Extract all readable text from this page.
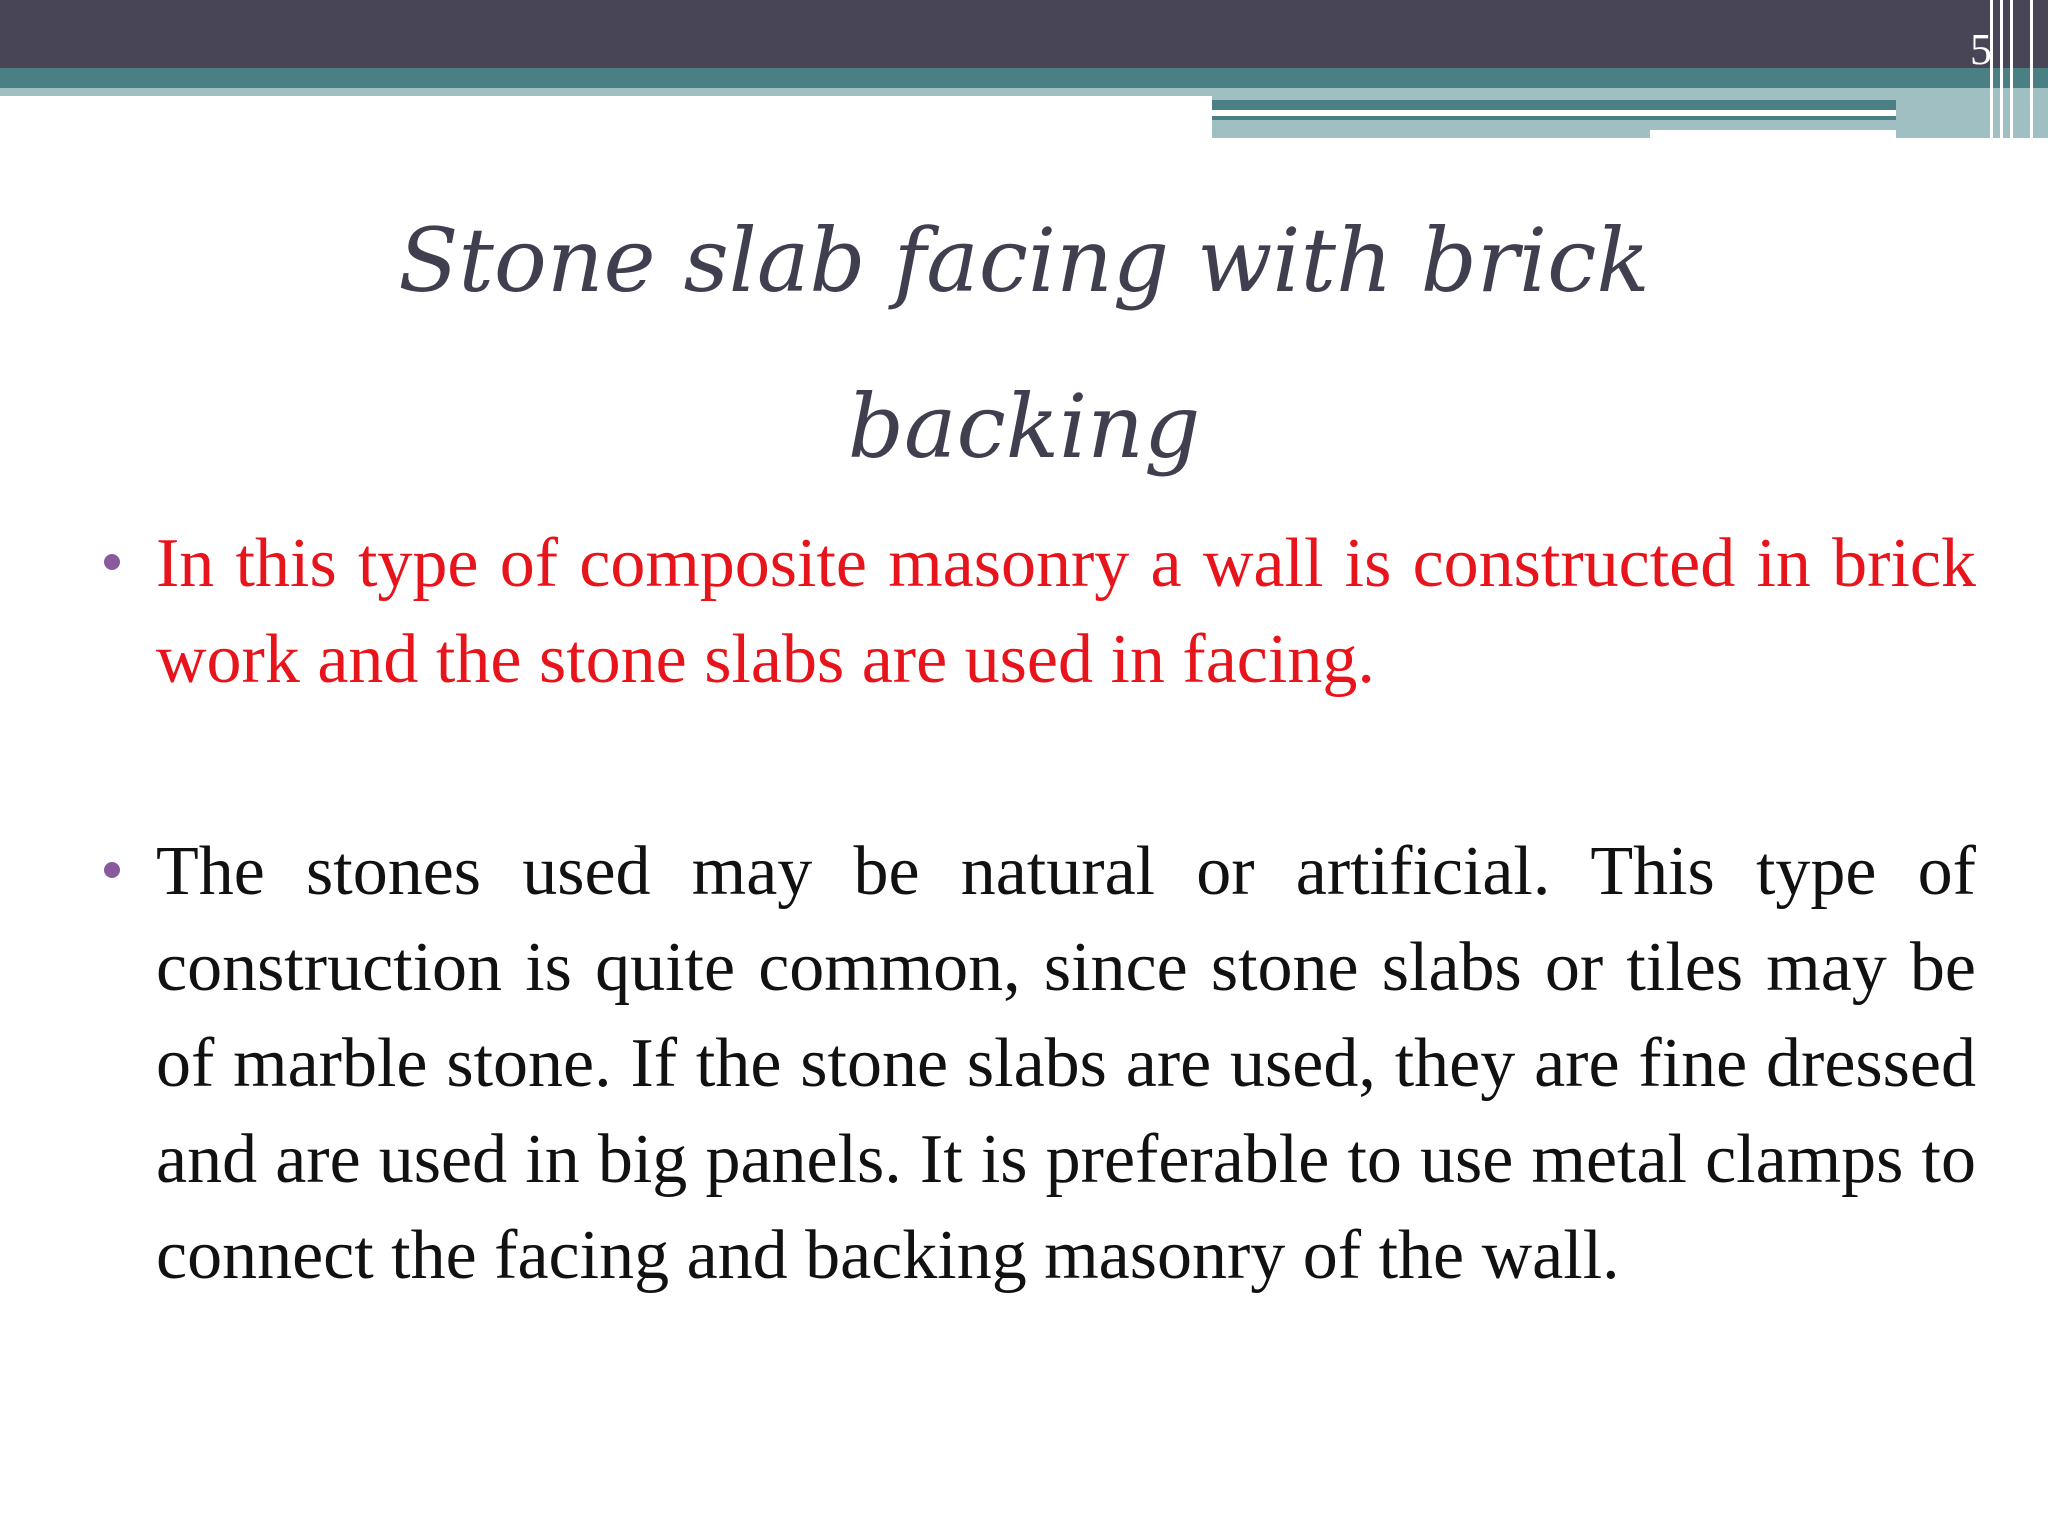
5
Stone slab facing with brick backing
In this type of composite masonry a wall is constructed in brick work and the stone slabs are used in facing.
The stones used may be natural or artificial. This type of construction is quite common, since stone slabs or tiles may be of marble stone. If the stone slabs are used, they are fine dressed and are used in big panels. It is preferable to use metal clamps to connect the facing and backing masonry of the wall.
